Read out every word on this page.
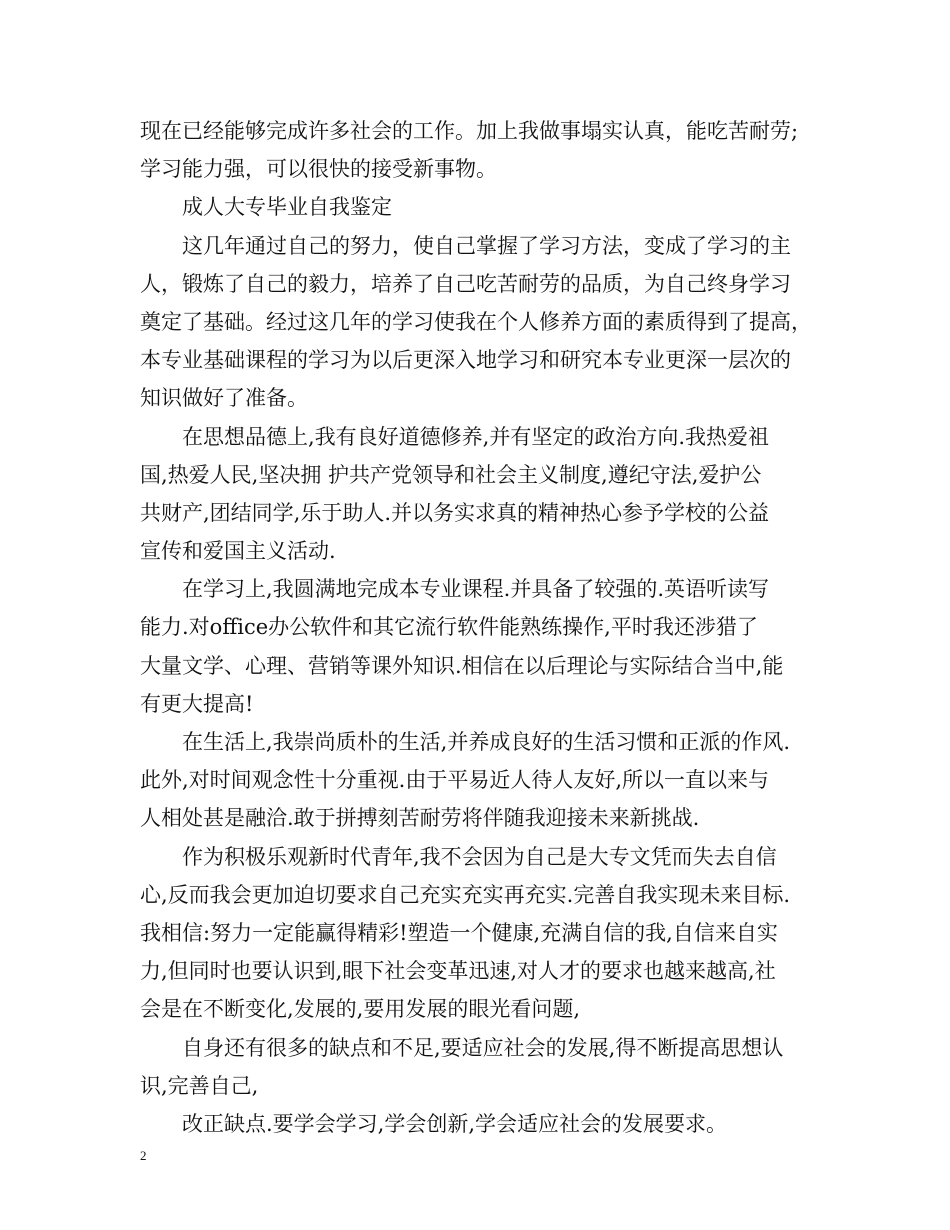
现在已经能够完成许多社会的工作。加上我做事塌实认真，能吃苦耐劳;
学习能力强，可以很快的接受新事物。
成人大专毕业自我鉴定
这几年通过自己的努力，使自己掌握了学习方法，变成了学习的主
人，锻炼了自己的毅力，培养了自己吃苦耐劳的品质，为自己终身学习
奠定了基础。经过这几年的学习使我在个人修养方面的素质得到了提高，
本专业基础课程的学习为以后更深入地学习和研究本专业更深一层次的
知识做好了准备。
在思想品德上,我有良好道德修养,并有坚定的政治方向.我热爱祖
国,热爱人民,坚决拥 护共产党领导和社会主义制度,遵纪守法,爱护公
共财产,团结同学,乐于助人.并以务实求真的精神热心参予学校的公益
宣传和爱国主义活动.
在学习上,我圆满地完成本专业课程.并具备了较强的.英语听读写
能力.对office办公软件和其它流行软件能熟练操作,平时我还涉猎了
大量文学、心理、营销等课外知识.相信在以后理论与实际结合当中,能
有更大提高!
在生活上,我崇尚质朴的生活,并养成良好的生活习惯和正派的作风.
此外,对时间观念性十分重视.由于平易近人待人友好,所以一直以来与
人相处甚是融洽.敢于拼搏刻苦耐劳将伴随我迎接未来新挑战.
作为积极乐观新时代青年,我不会因为自己是大专文凭而失去自信
心,反而我会更加迫切要求自己充实充实再充实.完善自我实现未来目标.
我相信:努力一定能赢得精彩!塑造一个健康,充满自信的我,自信来自实
力,但同时也要认识到,眼下社会变革迅速,对人才的要求也越来越高,社
会是在不断变化,发展的,要用发展的眼光看问题,
自身还有很多的缺点和不足,要适应社会的发展,得不断提高思想认
识,完善自己,
改正缺点.要学会学习,学会创新,学会适应社会的发展要求。
2
